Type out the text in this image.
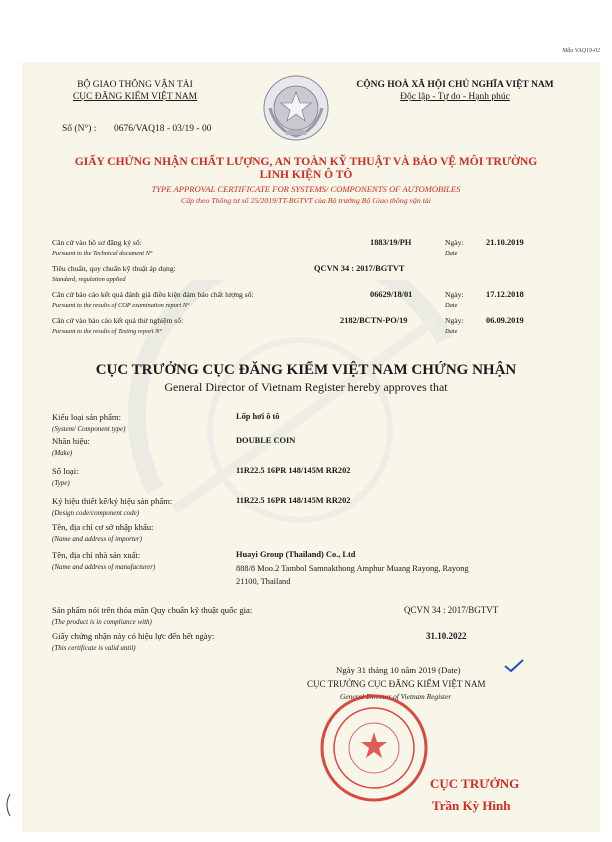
Mẫu VAQ19-02
BỘ GIAO THÔNG VẬN TẢI
CỤC ĐĂNG KIỂM VIỆT NAM
CỘNG HOÀ XÃ HỘI CHỦ NGHĨA VIỆT NAM
Độc lập - Tự do - Hạnh phúc
Số (N°) : 0676/VAQ18 - 03/19 - 00
GIẤY CHỨNG NHẬN CHẤT LƯỢNG, AN TOÀN KỸ THUẬT VÀ BẢO VỆ MÔI TRƯỜNG
LINH KIỆN Ô TÔ
TYPE APPROVAL CERTIFICATE FOR SYSTEMS/ COMPONENTS OF AUTOMOBILES
Cấp theo Thông tư số 25/2019/TT-BGTVT của Bộ trưởng Bộ Giao thông vận tải
Căn cứ vào hồ sơ đăng ký số:
Pursuant to the Technical document N°
1883/19/PH	Ngày:
Date
21.10.2019
Tiêu chuẩn, quy chuẩn kỹ thuật áp dụng:
Standard, regulation applied
QCVN 34 : 2017/BGTVT
Căn cứ báo cáo kết quả đánh giá điều kiện đảm bảo chất lượng số:
Pursuant to the results of COP examination report N°
06629/18/01	Ngày:
Date
17.12.2018
Căn cứ vào báo cáo kết quả thử nghiệm số:
Pursuant to the results of Testing report N°
2182/BCTN-PO/19	Ngày:
Date
06.09.2019
CỤC TRƯỞNG CỤC ĐĂNG KIỂM VIỆT NAM CHỨNG NHẬN
General Director of Vietnam Register hereby approves that
Kiểu loại sản phẩm:
(System/ Component type)
Lốp hơi ô tô
Nhãn hiệu:
(Make)
DOUBLE COIN
Số loại:
(Type)
11R22.5 16PR 148/145M RR202
Ký hiệu thiết kế/ký hiệu sản phẩm:
(Design code/component code)
11R22.5 16PR 148/145M RR202
Tên, địa chỉ cơ sở nhập khẩu:
(Name and address of importer)
Tên, địa chỉ nhà sản xuất:
(Name and address of manufacturer)
Huayi Group (Thailand) Co., Ltd
888/8 Moo.2 Tambol Samnakthong Amphur Muang Rayong, Rayong
21100, Thailand
Sản phẩm nói trên thỏa mãn Quy chuẩn kỹ thuật quốc gia:
(The product is in compliance with)
QCVN 34 : 2017/BGTVT
Giấy chứng nhận này có hiệu lực đến hết ngày:
(This certificate is valid until)
31.10.2022
Ngày 31 tháng 10 năm 2019 (Date)
CỤC TRƯỞNG CỤC ĐĂNG KIỂM VIỆT NAM
General Director of Vietnam Register
CỤC TRƯỞNG
Trần Kỳ Hình
